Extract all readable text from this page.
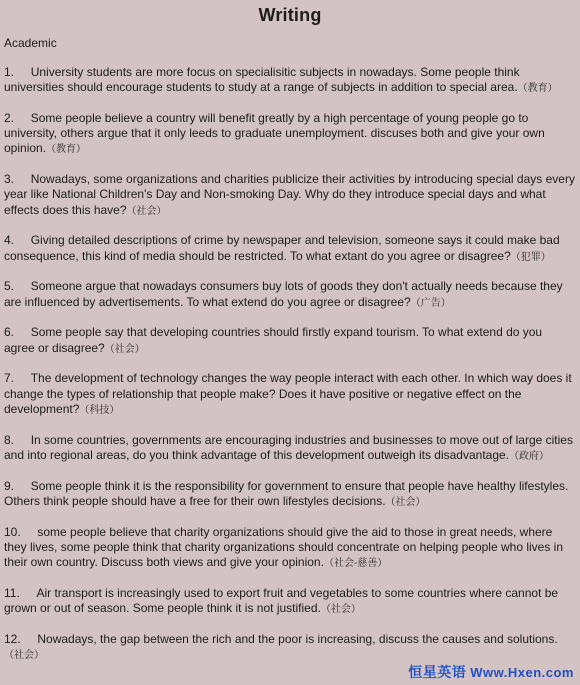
Writing
Academic
1. University students are more focus on specialisitic subjects in nowadays. Some people think universities should encourage students to study at a range of subjects in addition to special area.（教育）
2. Some people believe a country will benefit greatly by a high percentage of young people go to university, others argue that it only leeds to graduate unemployment. discuses both and give your own opinion.（教育）
3. Nowadays, some organizations and charities publicize their activities by introducing special days every year like National Children's Day and Non-smoking Day. Why do they introduce special days and what effects does this have?（社会）
4. Giving detailed descriptions of crime by newspaper and television, someone says it could make bad consequence, this kind of media should be restricted. To what extant do you agree or disagree?（犯罪）
5. Someone argue that nowadays consumers buy lots of goods they don't actually needs because they are influenced by advertisements. To what extend do you agree or disagree?（广告）
6. Some people say that developing countries should firstly expand tourism. To what extend do you agree or disagree?（社会）
7. The development of technology changes the way people interact with each other. In which way does it change the types of relationship that people make? Does it have positive or negative effect on the development?（科技）
8. In some countries, governments are encouraging industries and businesses to move out of large cities and into regional areas, do you think advantage of this development outweigh its disadvantage.（政府）
9. Some people think it is the responsibility for government to ensure that people have healthy lifestyles. Others think people should have a free for their own lifestyles decisions.（社会）
10. some people believe that charity organizations should give the aid to those in great needs, where they lives, some people think that charity organizations should concentrate on helping people who lives in their own country. Discuss both views and give your opinion.（社会-慈善）
11. Air transport is increasingly used to export fruit and vegetables to some countries where cannot be grown or out of season. Some people think it is not justified.（社会）
12. Nowadays, the gap between the rich and the poor is increasing, discuss the causes and solutions.（社会）
恒星英语 Www.Hxen.com
